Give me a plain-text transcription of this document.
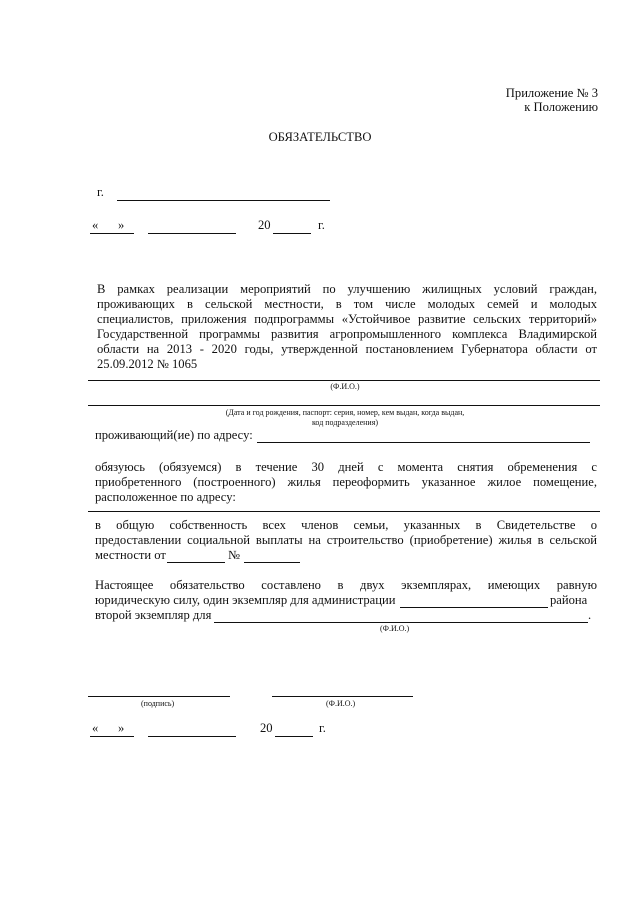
Приложение № 3
к Положению
ОБЯЗАТЕЛЬСТВО
г.
« »	20	г.
В рамках реализации мероприятий по улучшению жилищных условий граждан,
проживающих в сельской местности, в том числе молодых семей и молодых
специалистов, приложения подпрограммы «Устойчивое развитие сельских территорий»
Государственной программы развития агропромышленного комплекса Владимирской
области на 2013 - 2020 годы, утвержденной постановлением Губернатора области от
25.09.2012 № 1065
(Ф.И.О.)
(Дата и год рождения, паспорт: серия, номер, кем выдан, когда выдан,
код подразделения)
проживающий(ие) по адресу:
обязуюсь (обязуемся) в течение 30 дней с момента снятия обременения с
приобретенного (построенного) жилья переоформить указанное жилое помещение,
расположенное по адресу:
в общую собственность всех членов семьи, указанных в Свидетельстве о
предоставлении социальной выплаты на строительство (приобретение) жилья в сельской
местности от	№
Настоящее обязательство составлено в двух экземплярах, имеющих равную
юридическую силу, один экземпляр для администрации	района
второй экземпляр для	.
(Ф.И.О.)
(подпись)	(Ф.И.О.)
« »	20	г.
